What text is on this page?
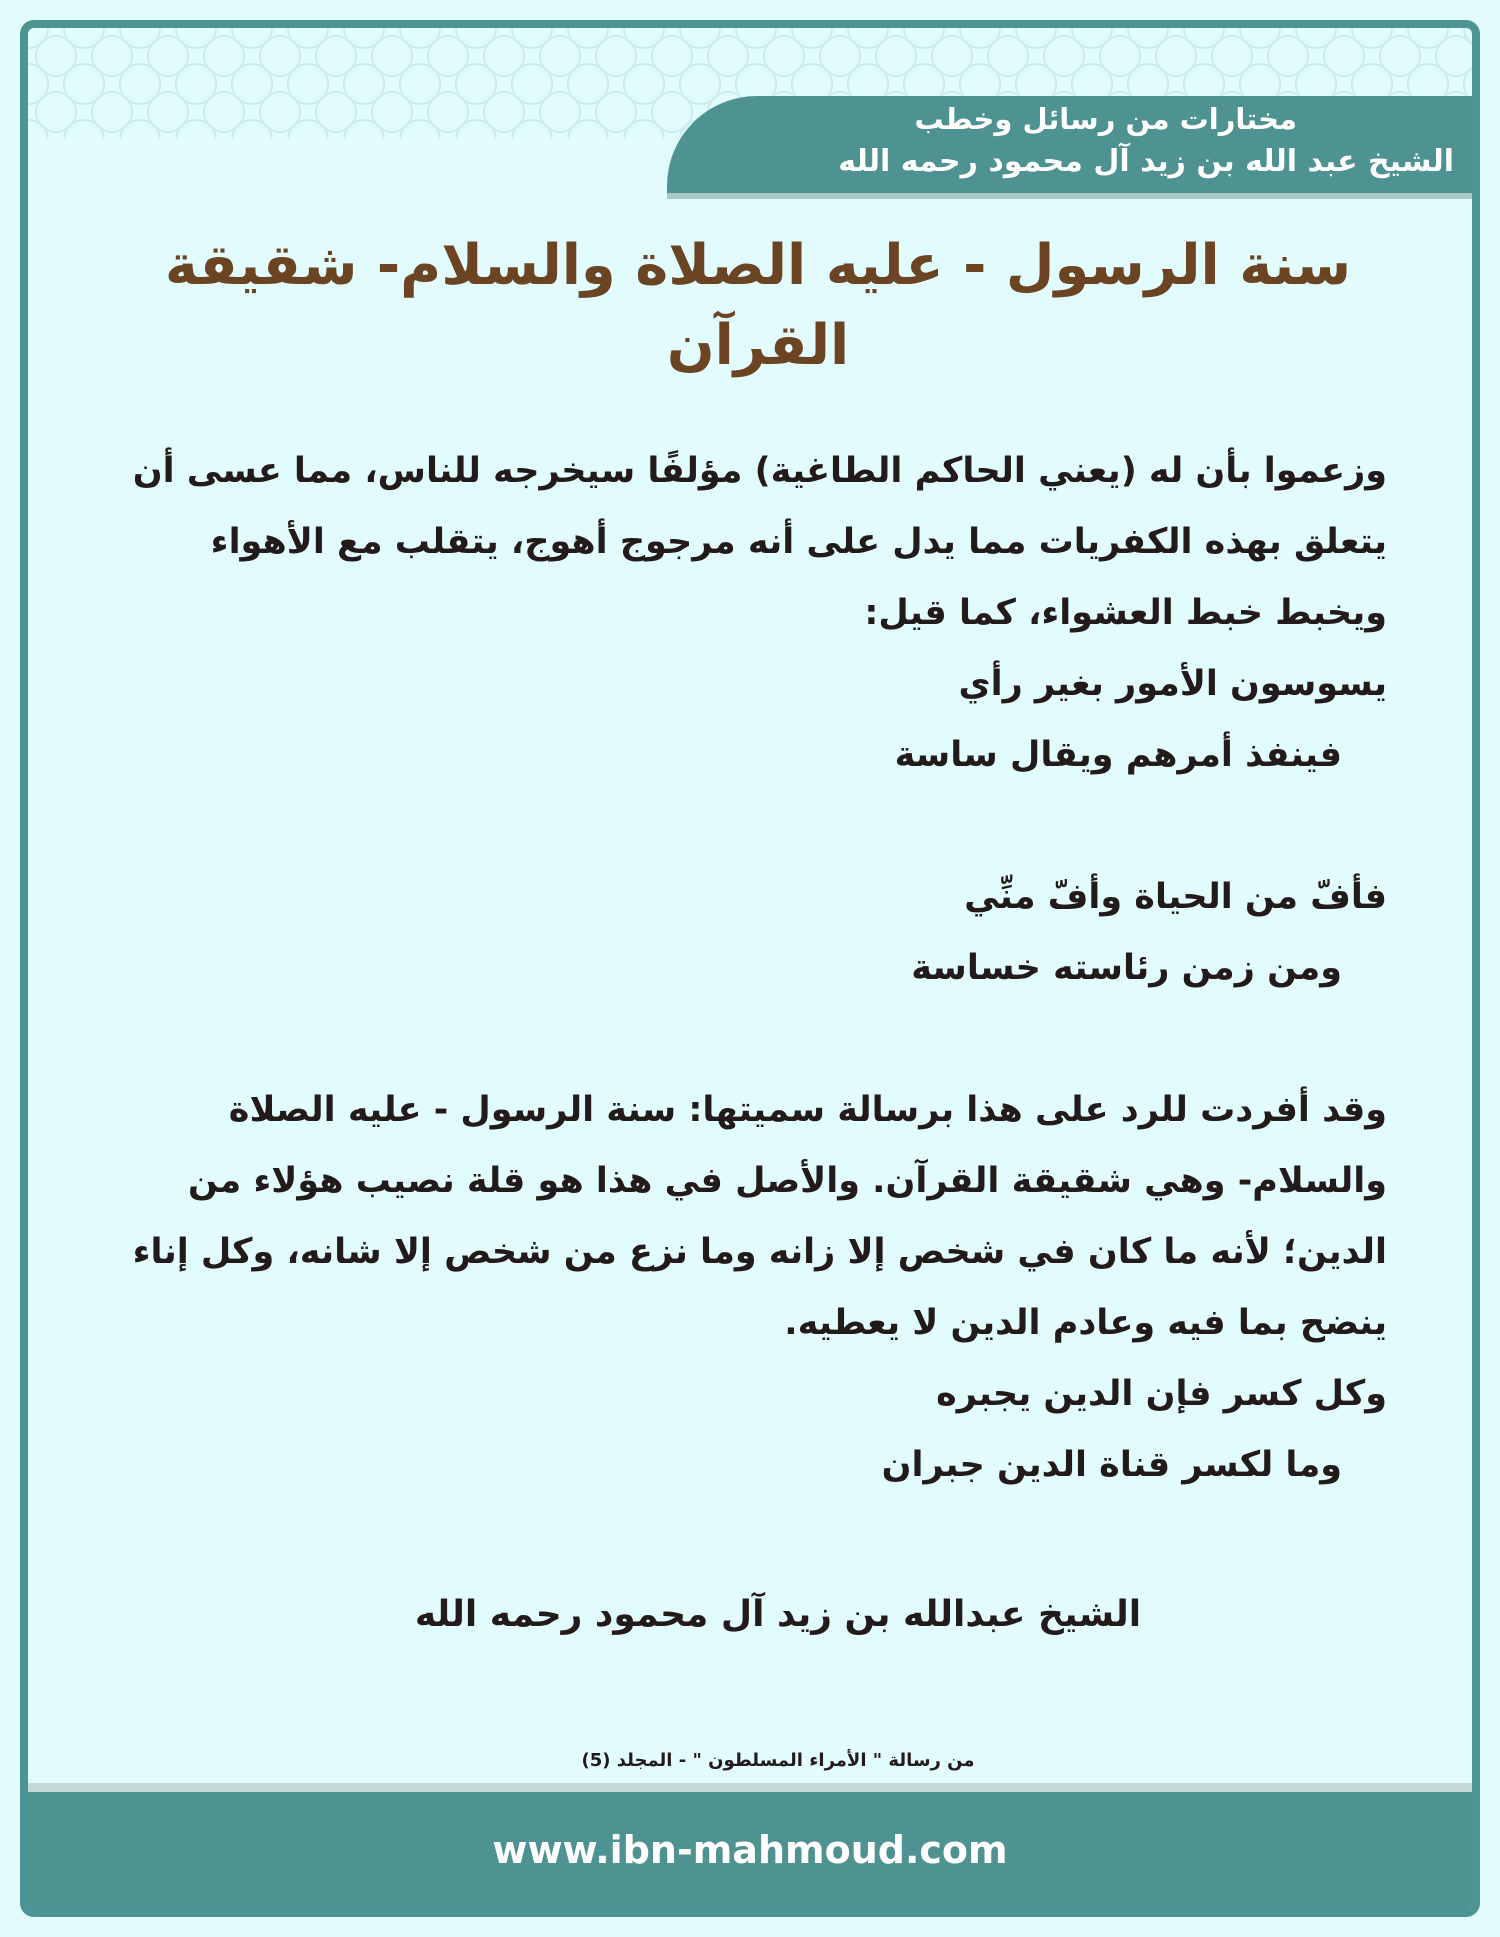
مختارات من رسائل وخطب
الشيخ عبد الله بن زيد آل محمود رحمه الله
سنة الرسول - عليه الصلاة والسلام- شقيقة القرآن

وزعموا بأن له (يعني الحاكم الطاغية) مؤلفًا سيخرجه للناس، مما عسى أن يتعلق بهذه الكفريات مما يدل على أنه مرجوج أهوج، يتقلب مع الأهواء ويخبط خبط العشواء، كما قيل:

يسوسون الأمور بغير رأي

فينفذ أمرهم ويقال ساسة

فأفّ من الحياة وأفّ منِّي

ومن زمن رئاسته خساسة

وقد أفردت للرد على هذا برسالة سميتها: سنة الرسول - عليه الصلاة والسلام- وهي شقيقة القرآن. والأصل في هذا هو قلة نصيب هؤلاء من الدين؛ لأنه ما كان في شخص إلا زانه وما نزع من شخص إلا شانه، وكل إناء ينضح بما فيه وعادم الدين لا يعطيه.

وكل كسر فإن الدين يجبره

وما لكسر قناة الدين جبران

الشيخ عبدالله بن زيد آل محمود رحمه الله

من رسالة " الأمراء المسلطون " - المجلد (5)

www.ibn-mahmoud.com
